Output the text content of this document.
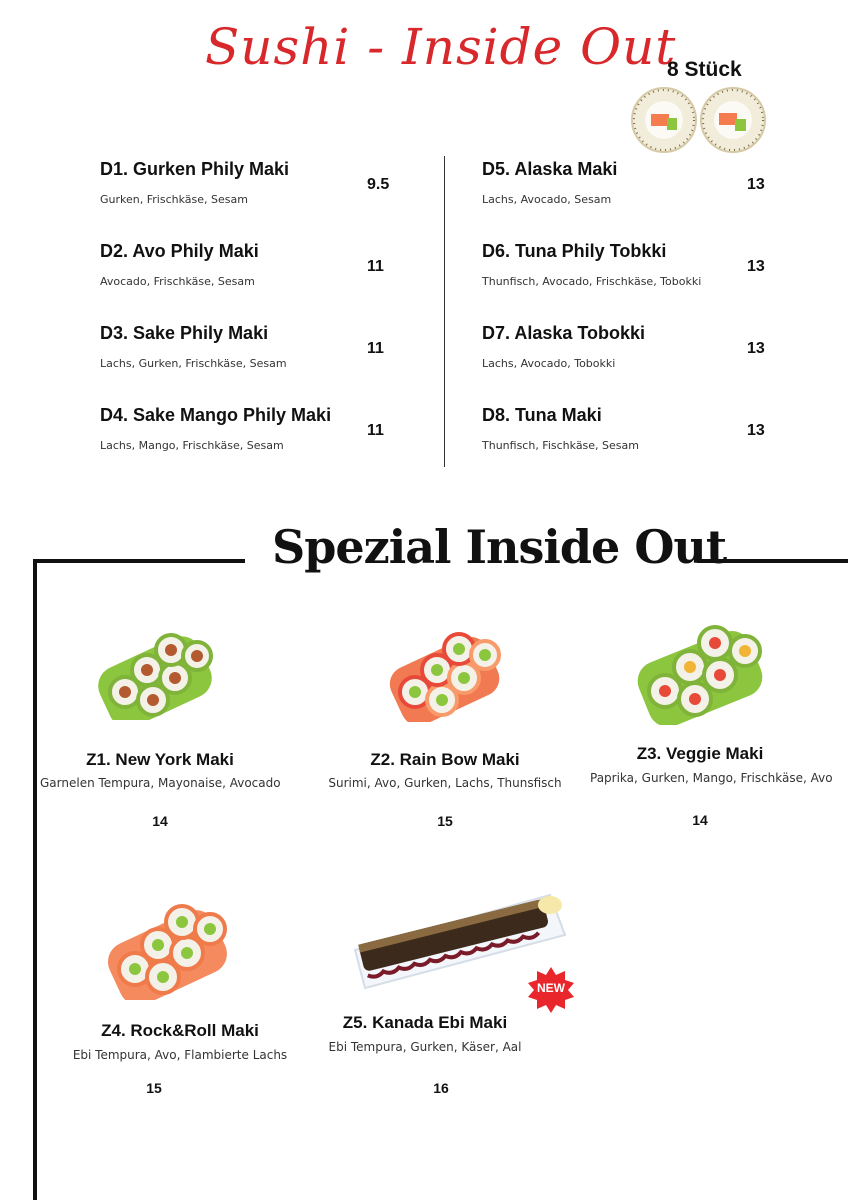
Sushi - Inside Out
8 Stück
D1. Gurken Phily Maki
Gurken, Frischkäse, Sesam
9.5
D2. Avo Phily Maki
Avocado, Frischkäse, Sesam
11
D3. Sake Phily Maki
Lachs, Gurken, Frischkäse, Sesam
11
D4. Sake Mango Phily Maki
Lachs, Mango, Frischkäse, Sesam
11
D5. Alaska Maki
Lachs, Avocado, Sesam
13
D6. Tuna Phily Tobkki
Thunfisch, Avocado, Frischkäse, Tobokki
13
D7. Alaska Tobokki
Lachs, Avocado, Tobokki
13
D8. Tuna Maki
Thunfisch, Fischkäse, Sesam
13
Spezial Inside Out
Z1. New York Maki
Garnelen Tempura, Mayonaise, Avocado
14
Z2. Rain Bow Maki
Surimi, Avo, Gurken, Lachs, Thunsfisch
15
Z3. Veggie Maki
Paprika, Gurken, Mango, Frischkäse, Avo
14
Z4. Rock&Roll Maki
Ebi Tempura, Avo, Flambierte Lachs
15
Z5. Kanada Ebi Maki
Ebi Tempura, Gurken, Käser, Aal
16
NEW
